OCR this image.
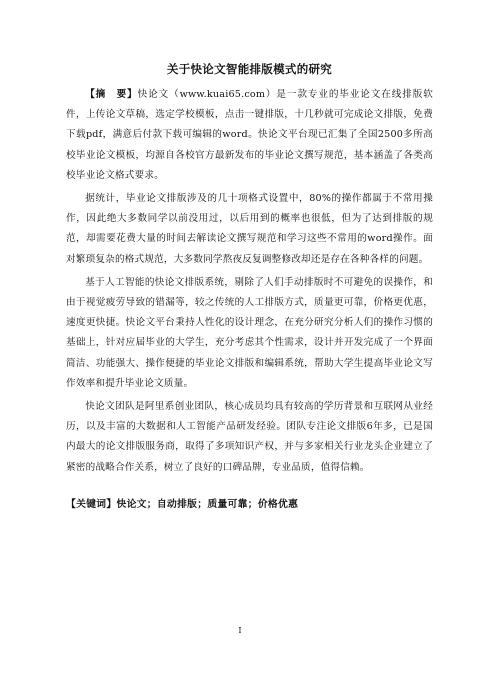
关于快论文智能排版模式的研究

【摘　要】快论文（www.kuai65.com）是一款专业的毕业论文在线排版软件，上传论文草稿，选定学校模板，点击一键排版，十几秒就可完成论文排版，免费下载pdf，满意后付款下载可编辑的word。快论文平台现已汇集了全国2500多所高校毕业论文模板，均源自各校官方最新发布的毕业论文撰写规范，基本涵盖了各类高校毕业论文格式要求。

据统计，毕业论文排版涉及的几十项格式设置中，80%的操作都属于不常用操作，因此绝大多数同学以前没用过，以后用到的概率也很低，但为了达到排版的规范，却需要花费大量的时间去解读论文撰写规范和学习这些不常用的word操作。面对繁琐复杂的格式规范，大多数同学熬夜反复调整修改却还是存在各种各样的问题。

基于人工智能的快论文排版系统，剔除了人们手动排版时不可避免的误操作，和由于视觉疲劳导致的错漏等，较之传统的人工排版方式，质量更可靠，价格更优惠，速度更快捷。快论文平台秉持人性化的设计理念，在充分研究分析人们的操作习惯的基础上，针对应届毕业的大学生，充分考虑其个性需求，设计并开发完成了一个界面简洁、功能强大、操作便捷的毕业论文排版和编辑系统，帮助大学生提高毕业论文写作效率和提升毕业论文质量。

快论文团队是阿里系创业团队，核心成员均具有较高的学历背景和互联网从业经历，以及丰富的大数据和人工智能产品研发经验。团队专注论文排版6年多，已是国内最大的论文排版服务商，取得了多项知识产权，并与多家相关行业龙头企业建立了紧密的战略合作关系，树立了良好的口碑品牌，专业品质，值得信赖。

【关键词】快论文；自动排版；质量可靠；价格优惠
I
